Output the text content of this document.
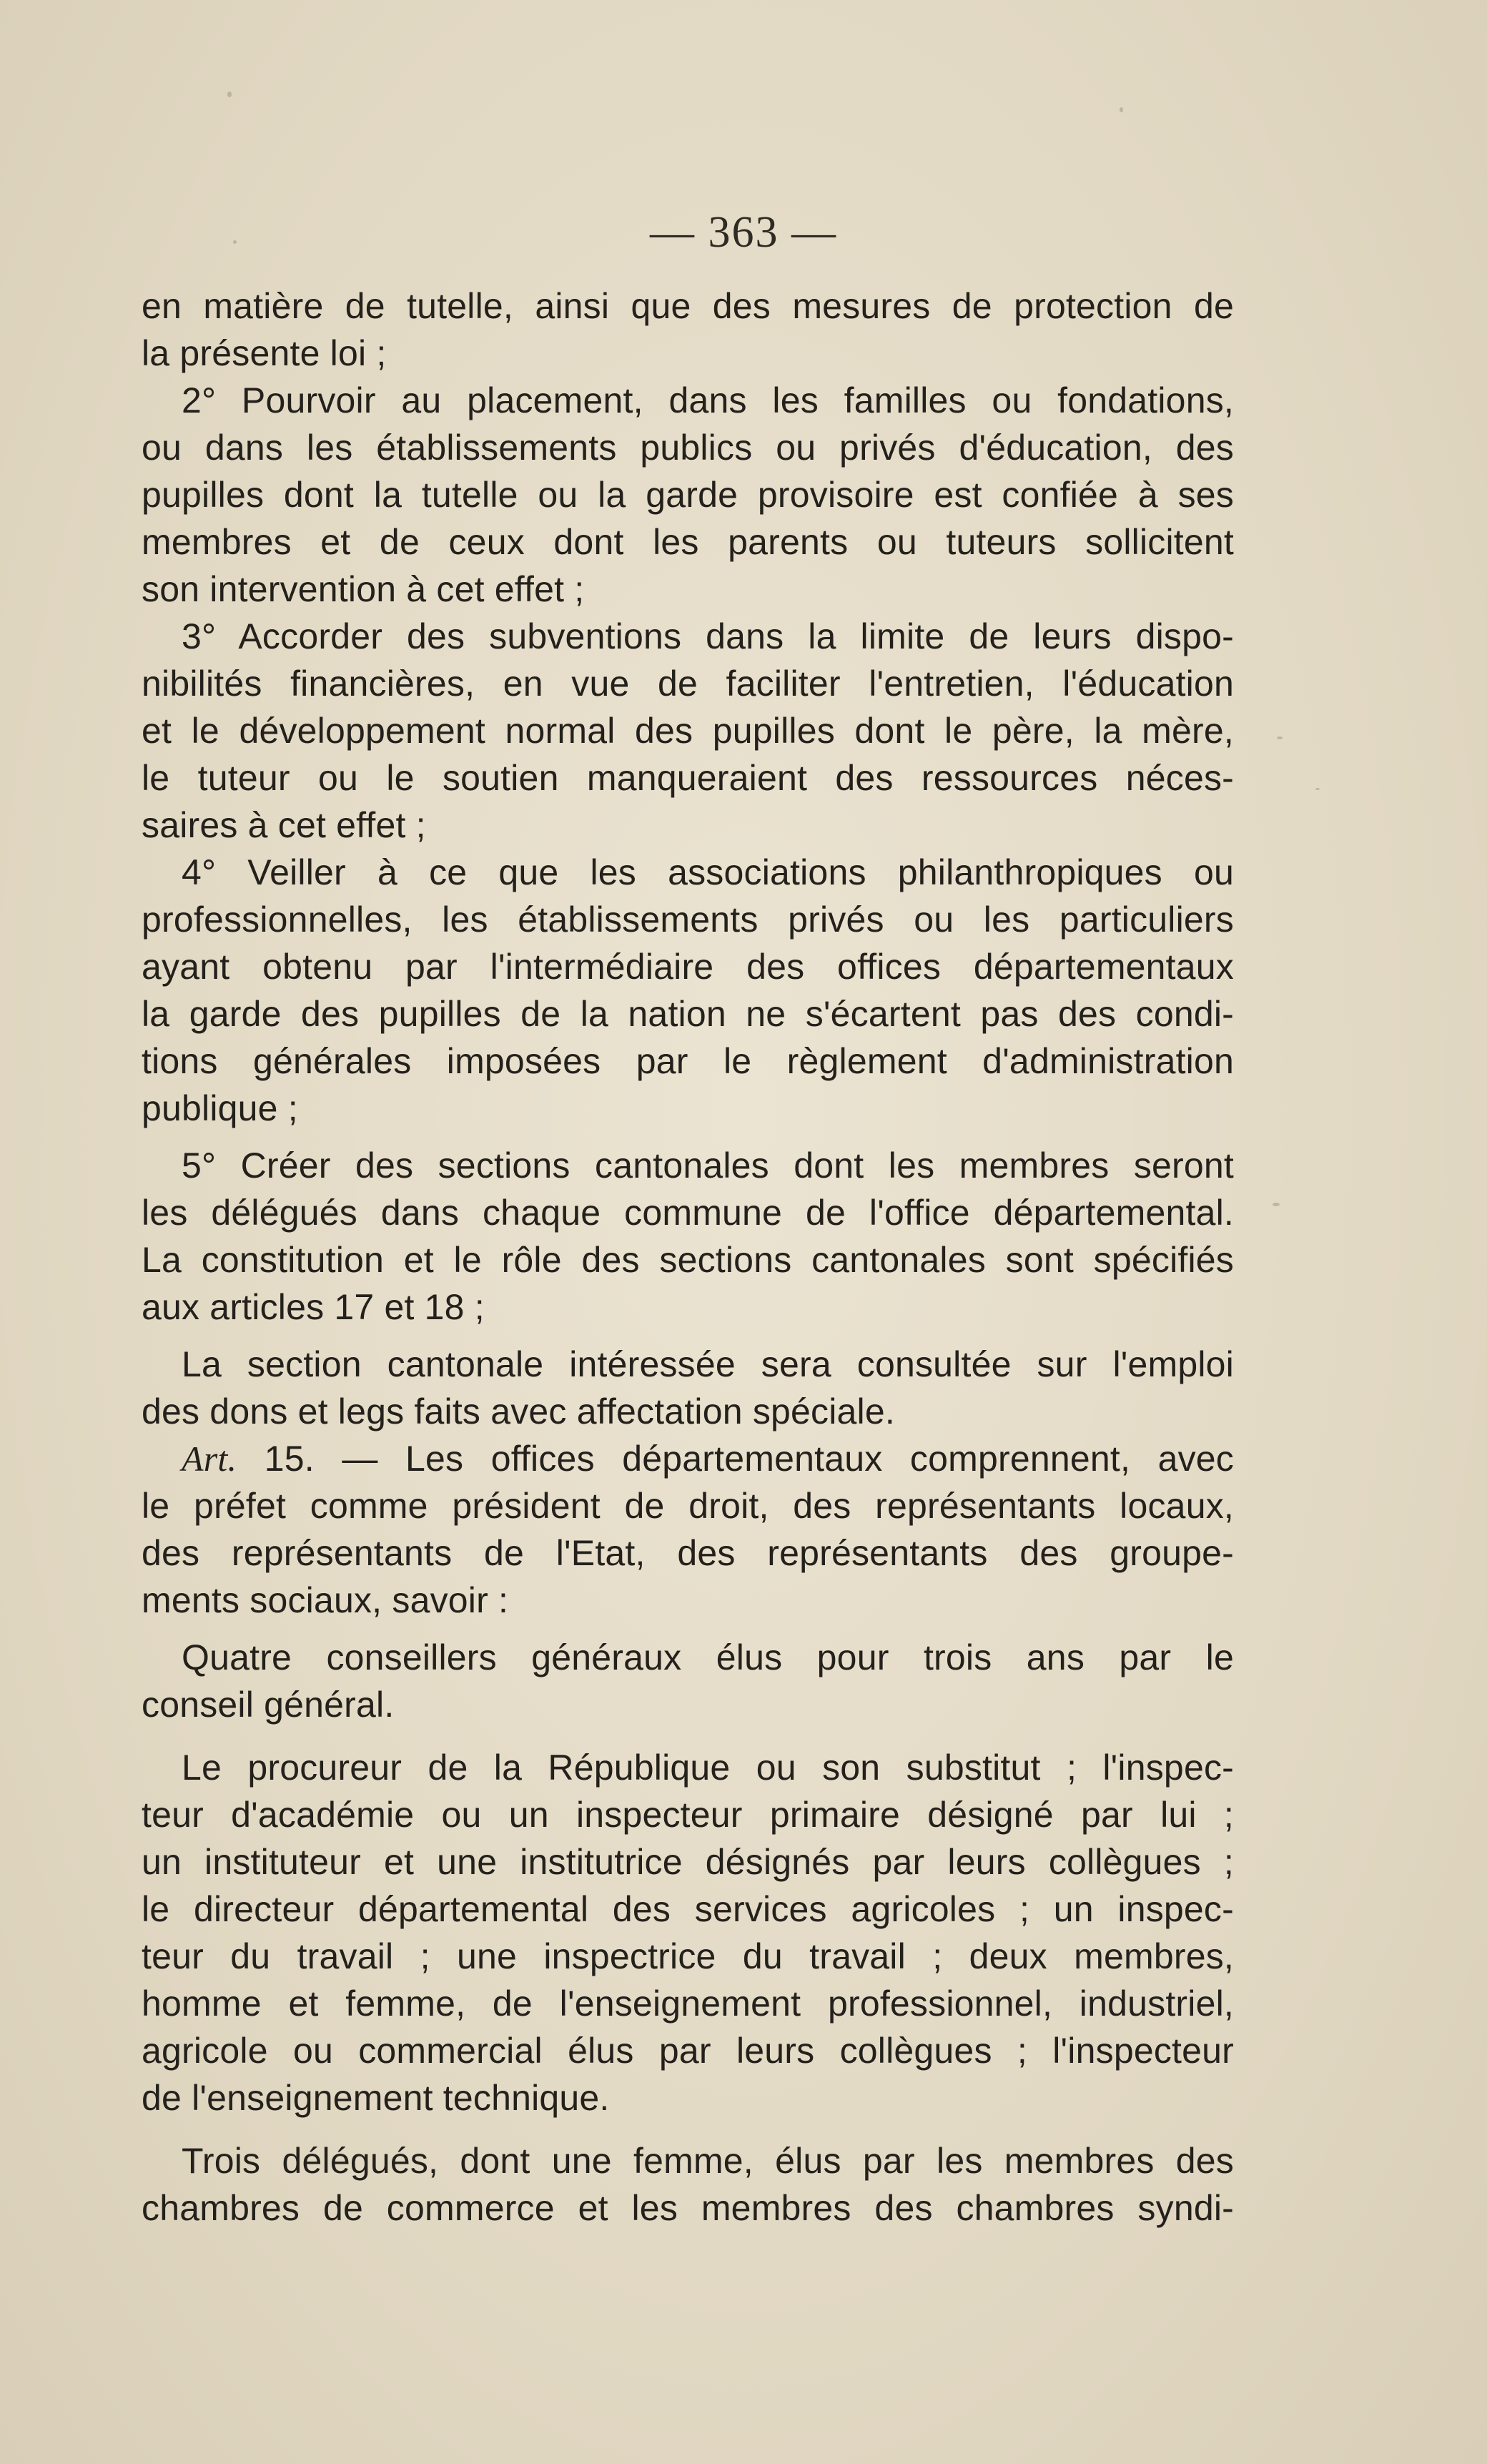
— 363 —

en matière de tutelle, ainsi que des mesures de protection de
la présente loi ;

2° Pourvoir au placement, dans les familles ou fondations,
ou dans les établissements publics ou privés d'éducation, des
pupilles dont la tutelle ou la garde provisoire est confiée à ses
membres et de ceux dont les parents ou tuteurs sollicitent
son intervention à cet effet ;

3° Accorder des subventions dans la limite de leurs dispo-
nibilités financières, en vue de faciliter l'entretien, l'éducation
et le développement normal des pupilles dont le père, la mère,
le tuteur ou le soutien manqueraient des ressources néces-
saires à cet effet ;

4° Veiller à ce que les associations philanthropiques ou
professionnelles, les établissements privés ou les particuliers
ayant obtenu par l'intermédiaire des offices départementaux
la garde des pupilles de la nation ne s'écartent pas des condi-
tions générales imposées par le règlement d'administration
publique ;

5° Créer des sections cantonales dont les membres seront
les délégués dans chaque commune de l'office départemental.
La constitution et le rôle des sections cantonales sont spécifiés
aux articles 17 et 18 ;

La section cantonale intéressée sera consultée sur l'emploi
des dons et legs faits avec affectation spéciale.

Art. 15. — Les offices départementaux comprennent, avec
le préfet comme président de droit, des représentants locaux,
des représentants de l'Etat, des représentants des groupe-
ments sociaux, savoir :

Quatre conseillers généraux élus pour trois ans par le
conseil général.

Le procureur de la République ou son substitut ; l'inspec-
teur d'académie ou un inspecteur primaire désigné par lui ;
un instituteur et une institutrice désignés par leurs collègues ;
le directeur départemental des services agricoles ; un inspec-
teur du travail ; une inspectrice du travail ; deux membres,
homme et femme, de l'enseignement professionnel, industriel,
agricole ou commercial élus par leurs collègues ; l'inspecteur
de l'enseignement technique.

Trois délégués, dont une femme, élus par les membres des
chambres de commerce et les membres des chambres syndi-
